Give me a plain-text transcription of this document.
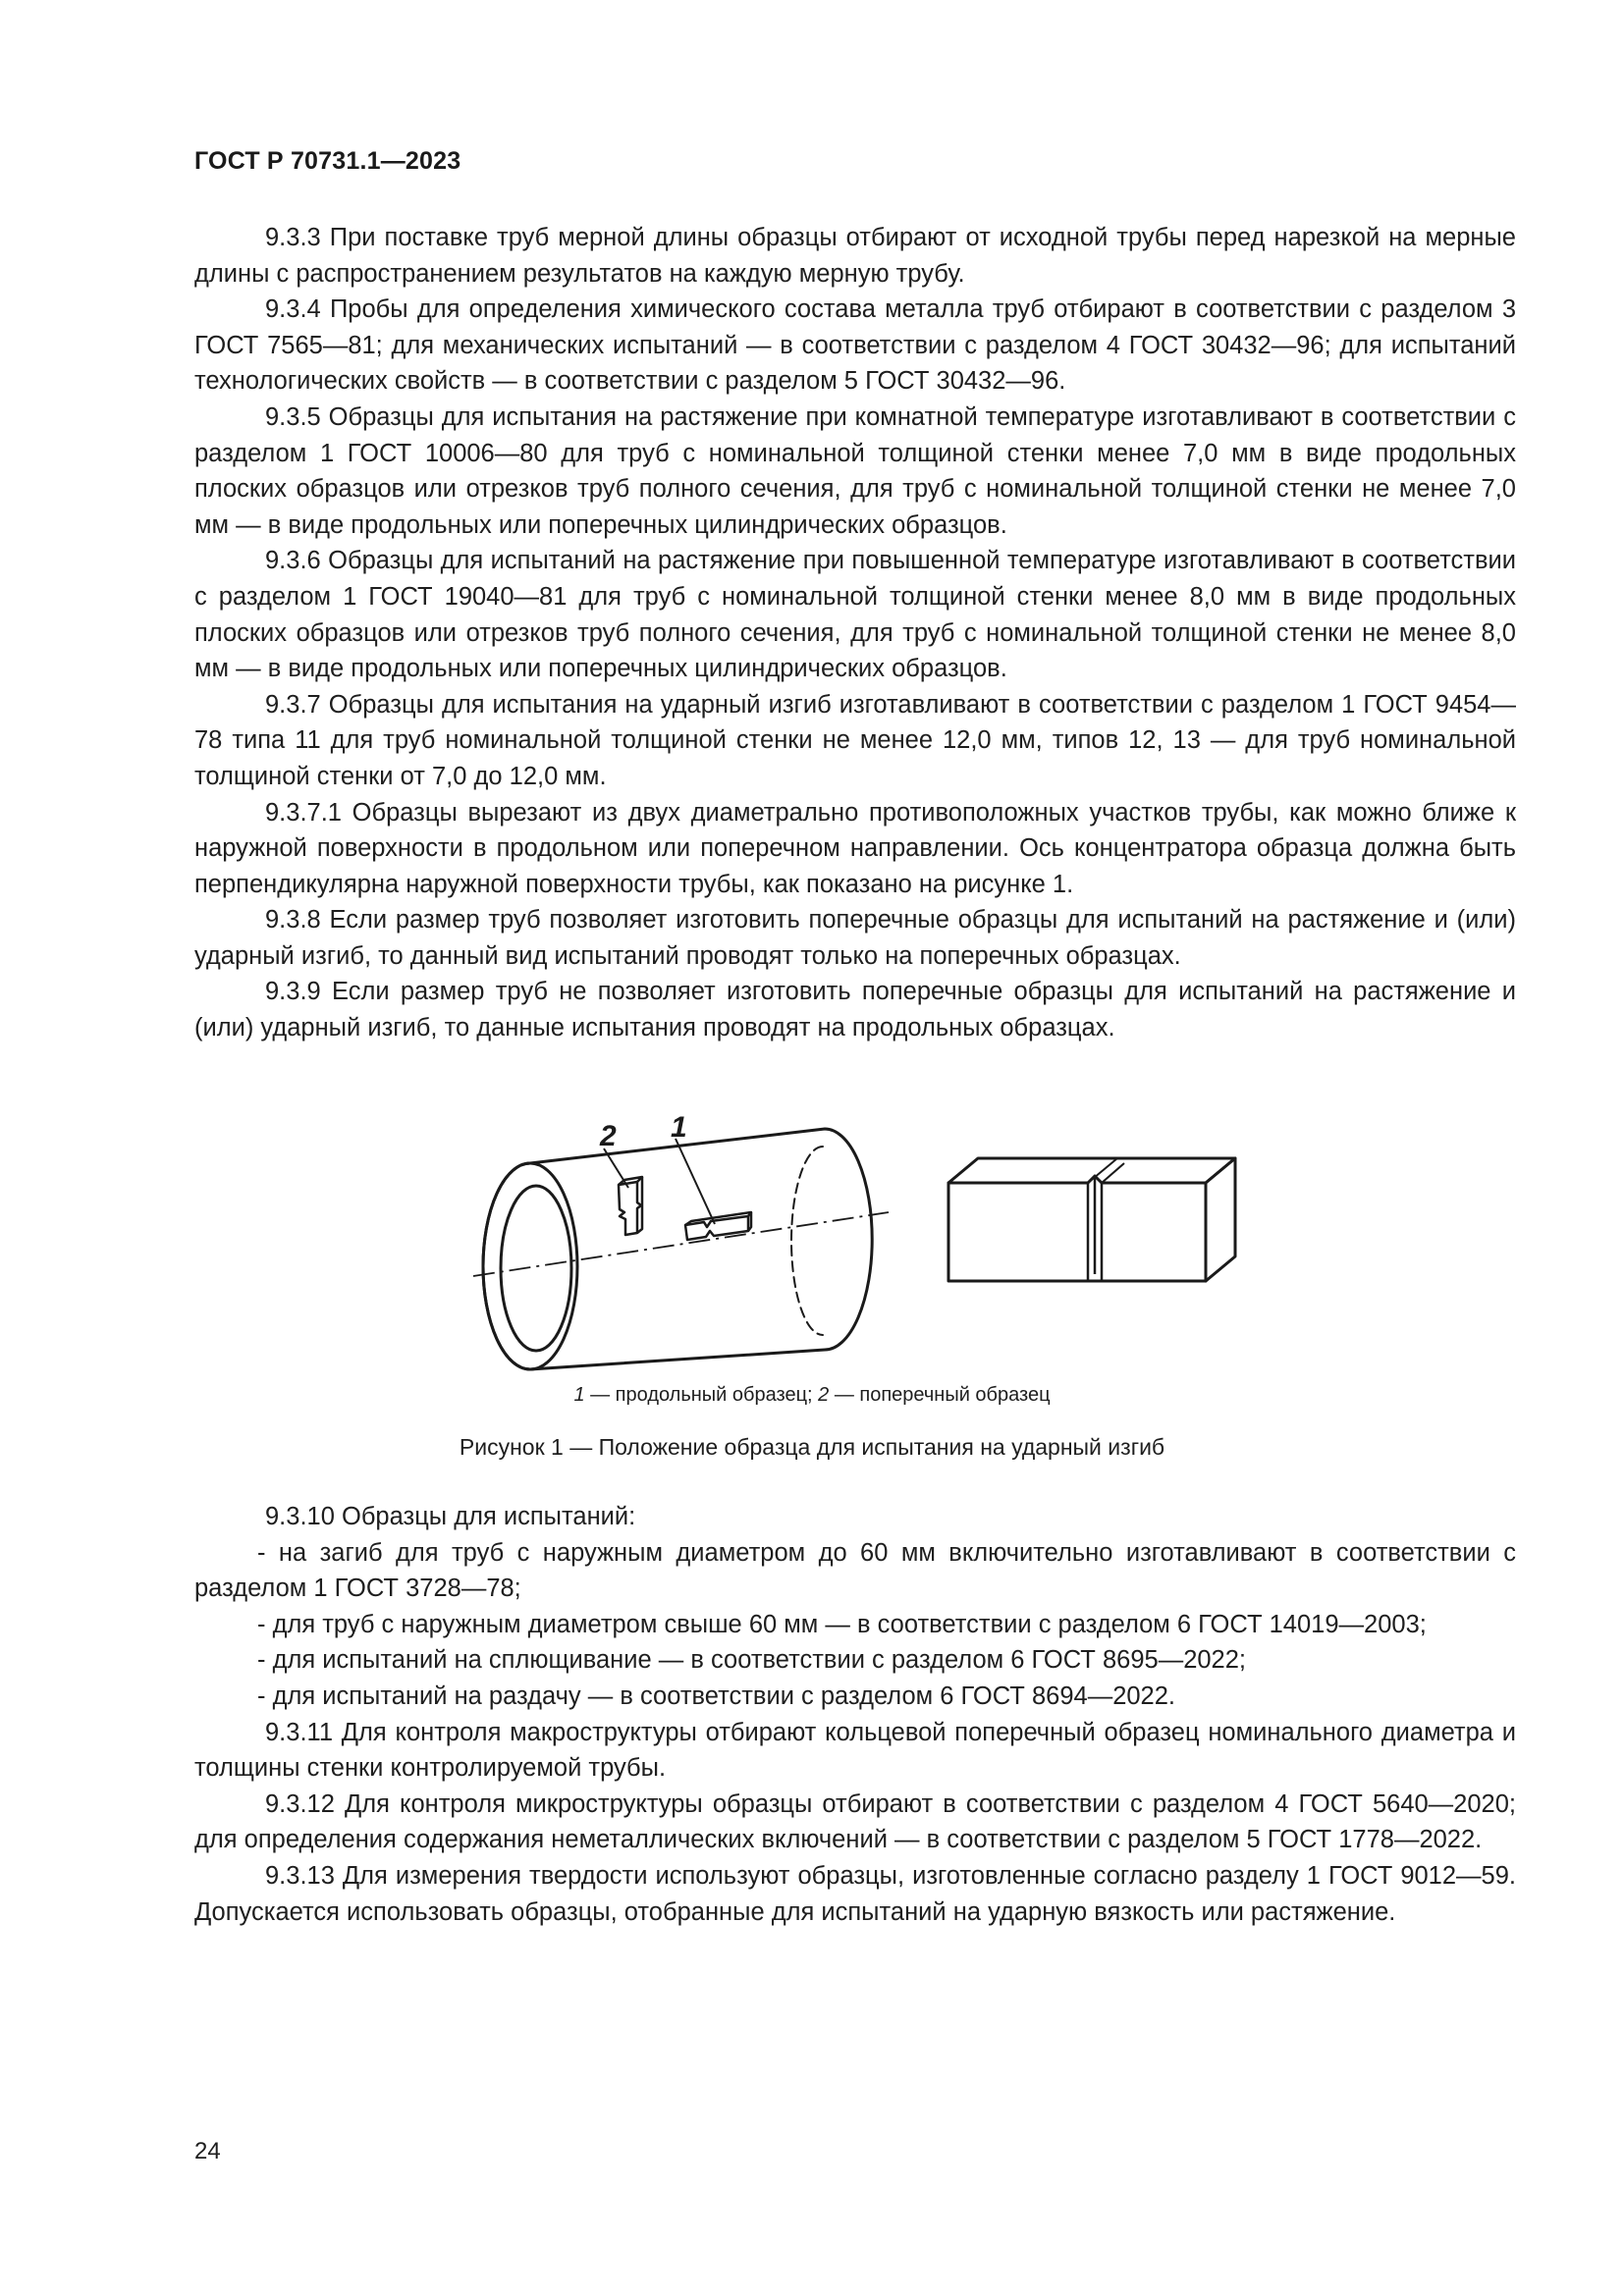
ГОСТ Р 70731.1—2023

9.3.3 При поставке труб мерной длины образцы отбирают от исходной трубы перед нарезкой на мерные длины с распространением результатов на каждую мерную трубу.

9.3.4 Пробы для определения химического состава металла труб отбирают в соответствии с разделом 3 ГОСТ 7565—81; для механических испытаний — в соответствии с разделом 4 ГОСТ 30432—96; для испытаний технологических свойств — в соответствии с разделом 5 ГОСТ 30432—96.

9.3.5 Образцы для испытания на растяжение при комнатной температуре изготавливают в соответствии с разделом 1 ГОСТ 10006—80 для труб с номинальной толщиной стенки менее 7,0 мм в виде продольных плоских образцов или отрезков труб полного сечения, для труб с номинальной толщиной стенки не менее 7,0 мм — в виде продольных или поперечных цилиндрических образцов.

9.3.6 Образцы для испытаний на растяжение при повышенной температуре изготавливают в соответствии с разделом 1 ГОСТ 19040—81 для труб с номинальной толщиной стенки менее 8,0 мм в виде продольных плоских образцов или отрезков труб полного сечения, для труб с номинальной толщиной стенки не менее 8,0 мм — в виде продольных или поперечных цилиндрических образцов.

9.3.7 Образцы для испытания на ударный изгиб изготавливают в соответствии с разделом 1 ГОСТ 9454—78 типа 11 для труб номинальной толщиной стенки не менее 12,0 мм, типов 12, 13 — для труб номинальной толщиной стенки от 7,0 до 12,0 мм.

9.3.7.1 Образцы вырезают из двух диаметрально противоположных участков трубы, как можно ближе к наружной поверхности в продольном или поперечном направлении. Ось концентратора образца должна быть перпендикулярна наружной поверхности трубы, как показано на рисунке 1.

9.3.8 Если размер труб позволяет изготовить поперечные образцы для испытаний на растяжение и (или) ударный изгиб, то данный вид испытаний проводят только на поперечных образцах.

9.3.9 Если размер труб не позволяет изготовить поперечные образцы для испытаний на растяжение и (или) ударный изгиб, то данные испытания проводят на продольных образцах.

2 1
1 — продольный образец; 2 — поперечный образец
Рисунок 1 — Положение образца для испытания на ударный изгиб

9.3.10 Образцы для испытаний:

- на загиб для труб с наружным диаметром до 60 мм включительно изготавливают в соответствии с разделом 1 ГОСТ 3728—78;

- для труб с наружным диаметром свыше 60 мм — в соответствии с разделом 6 ГОСТ 14019—2003;

- для испытаний на сплющивание — в соответствии с разделом 6 ГОСТ 8695—2022;

- для испытаний на раздачу — в соответствии с разделом 6 ГОСТ 8694—2022.

9.3.11 Для контроля макроструктуры отбирают кольцевой поперечный образец номинального диаметра и толщины стенки контролируемой трубы.

9.3.12 Для контроля микроструктуры образцы отбирают в соответствии с разделом 4 ГОСТ 5640—2020; для определения содержания неметаллических включений — в соответствии с разделом 5 ГОСТ 1778—2022.

9.3.13 Для измерения твердости используют образцы, изготовленные согласно разделу 1 ГОСТ 9012—59. Допускается использовать образцы, отобранные для испытаний на ударную вязкость или растяжение.

24
